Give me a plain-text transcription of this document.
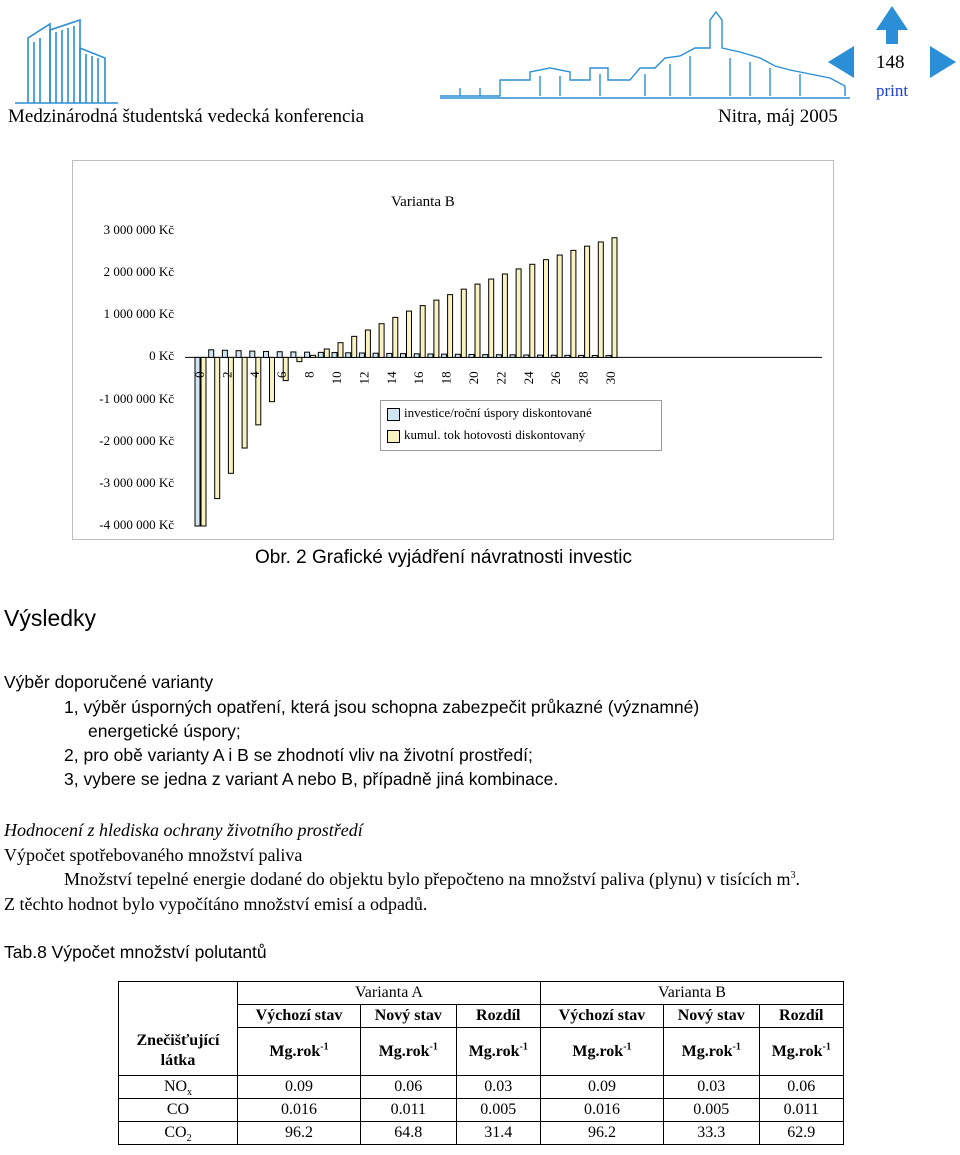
148
print
Medzinárodná študentská vedecká konferencia	Nitra, máj 2005
Varianta B
3 000 000 Kč
2 000 000 Kč
1 000 000 Kč
0 Kč
-1 000 000 Kč
-2 000 000 Kč
-3 000 000 Kč
-4 000 000 Kč
0 2 4 6 8 10 12 14 16 18 20 22 24 26 28 30
investice/roční úspory diskontované
kumul. tok hotovosti diskontovaný
Obr. 2 Grafické vyjádření návratnosti investic
Výsledky
Výběr doporučené varianty
1, výběr úsporných opatření, která jsou schopna zabezpečit průkazné (významné)
energetické úspory;
2, pro obě varianty A i B se zhodnotí vliv na životní prostředí;
3, vybere se jedna z variant A nebo B, případně jiná kombinace.
Hodnocení z hlediska ochrany životního prostředí
Výpočet spotřebovaného množství paliva
Množství tepelné energie dodané do objektu bylo přepočteno na množství paliva (plynu) v tisících $m^3$.
Z těchto hodnot bylo vypočítáno množství emisí a odpadů.
Tab.8 Výpočet množství polutantů
	Varianta A			Varianta B		
	Výchozí stav	Nový stav	Rozdíl	Výchozí stav	Nový stav	Rozdíl
Znečišťující látka	Mg.rok$^{-1}$	Mg.rok$^{-1}$	Mg.rok$^{-1}$	Mg.rok$^{-1}$	Mg.rok$^{-1}$	Mg.rok$^{-1}$
$NO_x$	0.09	0.06	0.03	0.09	0.03	0.06
CO	0.016	0.011	0.005	0.016	0.005	0.011
$CO_2$	96.2	64.8	31.4	96.2	33.3	62.9
